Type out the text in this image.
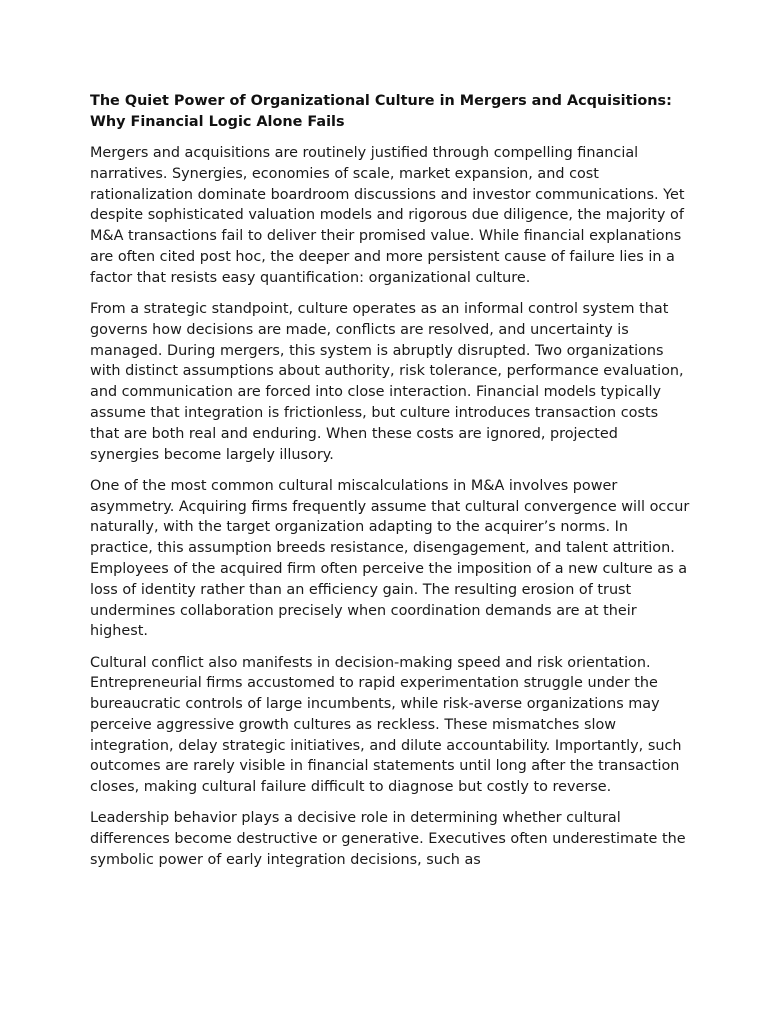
The Quiet Power of Organizational Culture in Mergers and Acquisitions: Why Financial Logic Alone Fails

Mergers and acquisitions are routinely justified through compelling financial narratives. Synergies, economies of scale, market expansion, and cost rationalization dominate boardroom discussions and investor communications. Yet despite sophisticated valuation models and rigorous due diligence, the majority of M&A transactions fail to deliver their promised value. While financial explanations are often cited post hoc, the deeper and more persistent cause of failure lies in a factor that resists easy quantification: organizational culture.

From a strategic standpoint, culture operates as an informal control system that governs how decisions are made, conflicts are resolved, and uncertainty is managed. During mergers, this system is abruptly disrupted. Two organizations with distinct assumptions about authority, risk tolerance, performance evaluation, and communication are forced into close interaction. Financial models typically assume that integration is frictionless, but culture introduces transaction costs that are both real and enduring. When these costs are ignored, projected synergies become largely illusory.

One of the most common cultural miscalculations in M&A involves power asymmetry. Acquiring firms frequently assume that cultural convergence will occur naturally, with the target organization adapting to the acquirer’s norms. In practice, this assumption breeds resistance, disengagement, and talent attrition. Employees of the acquired firm often perceive the imposition of a new culture as a loss of identity rather than an efficiency gain. The resulting erosion of trust undermines collaboration precisely when coordination demands are at their highest.

Cultural conflict also manifests in decision-making speed and risk orientation. Entrepreneurial firms accustomed to rapid experimentation struggle under the bureaucratic controls of large incumbents, while risk-averse organizations may perceive aggressive growth cultures as reckless. These mismatches slow integration, delay strategic initiatives, and dilute accountability. Importantly, such outcomes are rarely visible in financial statements until long after the transaction closes, making cultural failure difficult to diagnose but costly to reverse.

Leadership behavior plays a decisive role in determining whether cultural differences become destructive or generative. Executives often underestimate the symbolic power of early integration decisions, such as
